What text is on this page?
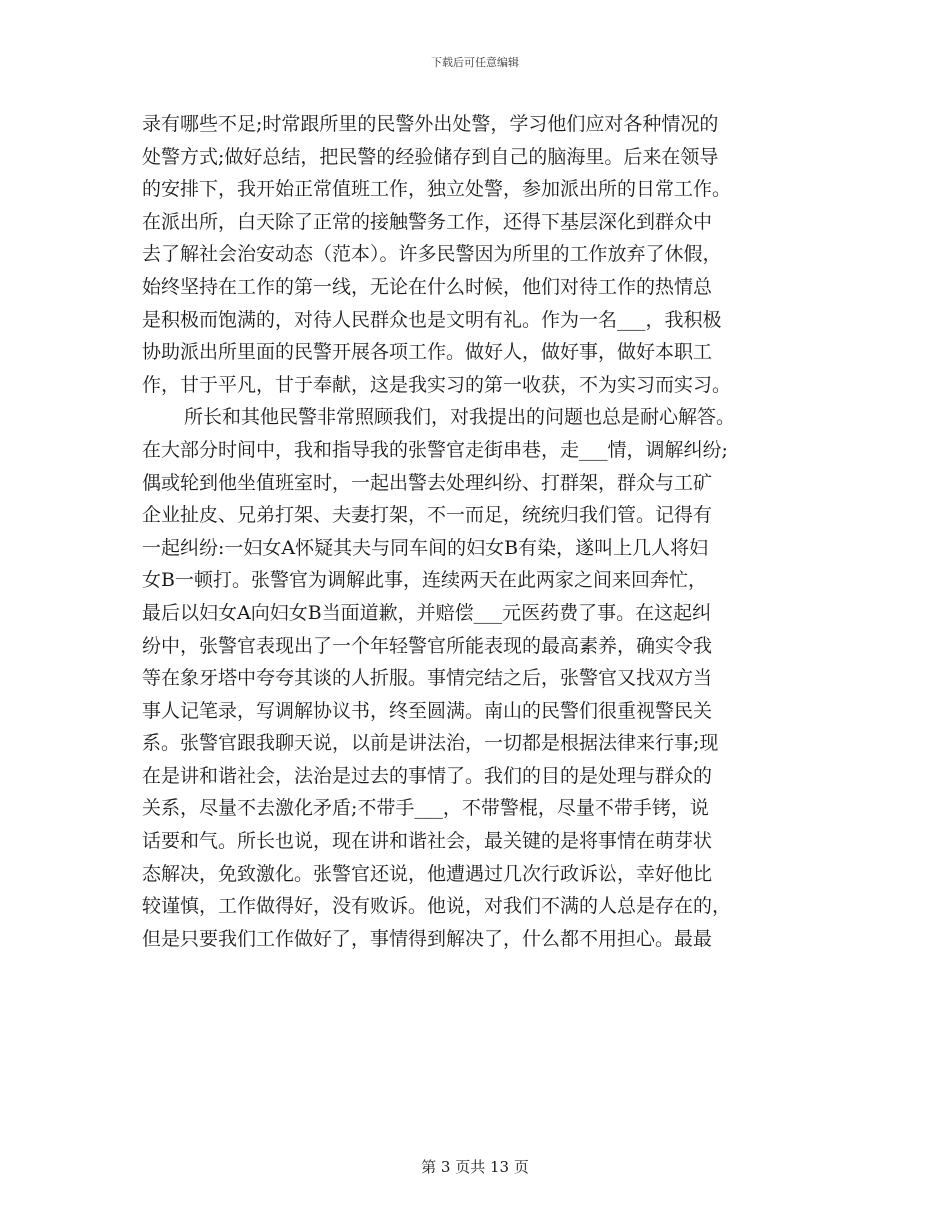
下载后可任意编辑
录有哪些不足;时常跟所里的民警外出处警，学习他们应对各种情况的
处警方式;做好总结，把民警的经验储存到自己的脑海里。后来在领导
的安排下，我开始正常值班工作，独立处警，参加派出所的日常工作。
在派出所，白天除了正常的接触警务工作，还得下基层深化到群众中
去了解社会治安动态（范本）。许多民警因为所里的工作放弃了休假，
始终坚持在工作的第一线，无论在什么时候，他们对待工作的热情总
是积极而饱满的，对待人民群众也是文明有礼。作为一名___，我积极
协助派出所里面的民警开展各项工作。做好人，做好事，做好本职工
作，甘于平凡，甘于奉献，这是我实习的第一收获，不为实习而实习。
所长和其他民警非常照顾我们，对我提出的问题也总是耐心解答。
在大部分时间中，我和指导我的张警官走街串巷，走___情，调解纠纷;
偶或轮到他坐值班室时，一起出警去处理纠纷、打群架，群众与工矿
企业扯皮、兄弟打架、夫妻打架，不一而足，统统归我们管。记得有
一起纠纷:一妇女A怀疑其夫与同车间的妇女B有染，遂叫上几人将妇
女B一顿打。张警官为调解此事，连续两天在此两家之间来回奔忙，
最后以妇女A向妇女B当面道歉，并赔偿___元医药费了事。在这起纠
纷中，张警官表现出了一个年轻警官所能表现的最高素养，确实令我
等在象牙塔中夸夸其谈的人折服。事情完结之后，张警官又找双方当
事人记笔录，写调解协议书，终至圆满。南山的民警们很重视警民关
系。张警官跟我聊天说，以前是讲法治，一切都是根据法律来行事;现
在是讲和谐社会，法治是过去的事情了。我们的目的是处理与群众的
关系，尽量不去激化矛盾;不带手___，不带警棍，尽量不带手铐，说
话要和气。所长也说，现在讲和谐社会，最关键的是将事情在萌芽状
态解决，免致激化。张警官还说，他遭遇过几次行政诉讼，幸好他比
较谨慎，工作做得好，没有败诉。他说，对我们不满的人总是存在的，
但是只要我们工作做好了，事情得到解决了，什么都不用担心。最最
第 3 页共 13 页
